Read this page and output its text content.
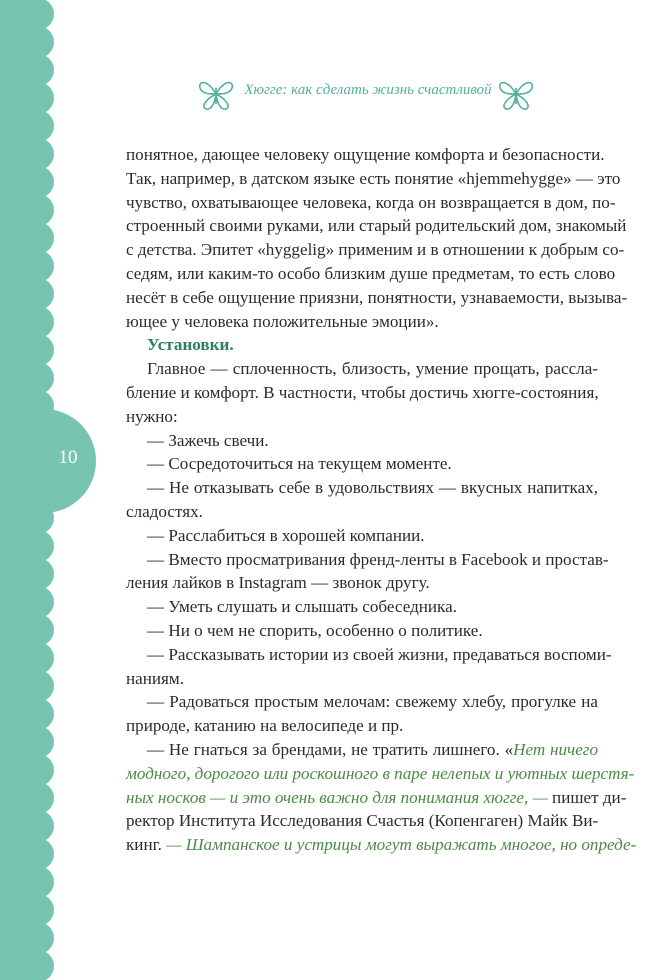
10
Хюгге: как сделать жизнь счастливой
понятное, дающее человеку ощущение комфорта и безопасности.
Так, например, в датском языке есть понятие «hjemmehygge» — это
чувство, охватывающее человека, когда он возвращается в дом, по-
строенный своими руками, или старый родительский дом, знакомый
с детства. Эпитет «hyggelig» применим и в отношении к добрым со-
седям, или каким-то особо близким душе предметам, то есть слово
несёт в себе ощущение приязни, понятности, узнаваемости, вызыва-
ющее у человека положительные эмоции».
Установки.
Главное — сплоченность, близость, умение прощать, расслa-
бление и комфорт. В частности, чтобы достичь хюгге-состояния,
нужно:
— Зажечь свечи.
— Сосредоточиться на текущем моменте.
— Не отказывать себе в удовольствиях — вкусных напитках,
сладостях.
— Расслабиться в хорошей компании.
— Вместо просматривания френд-ленты в Facebook и простав-
ления лайков в Instagram — звонок другу.
— Уметь слушать и слышать собеседника.
— Ни о чем не спорить, особенно о политике.
— Рассказывать истории из своей жизни, предаваться воспоми-
наниям.
— Радоваться простым мелочам: свежему хлебу, прогулке на
природе, катанию на велосипеде и пр.
— Не гнаться за брендами, не тратить лишнего. «Нет ничего
модного, дорогого или роскошного в паре нелепых и уютных шерстя-
ных носков — и это очень важно для понимания хюгге, — пишет ди-
ректор Института Исследования Счастья (Копенгаген) Майк Ви-
кинг. — Шампанское и устрицы могут выражать многое, но опреде-
